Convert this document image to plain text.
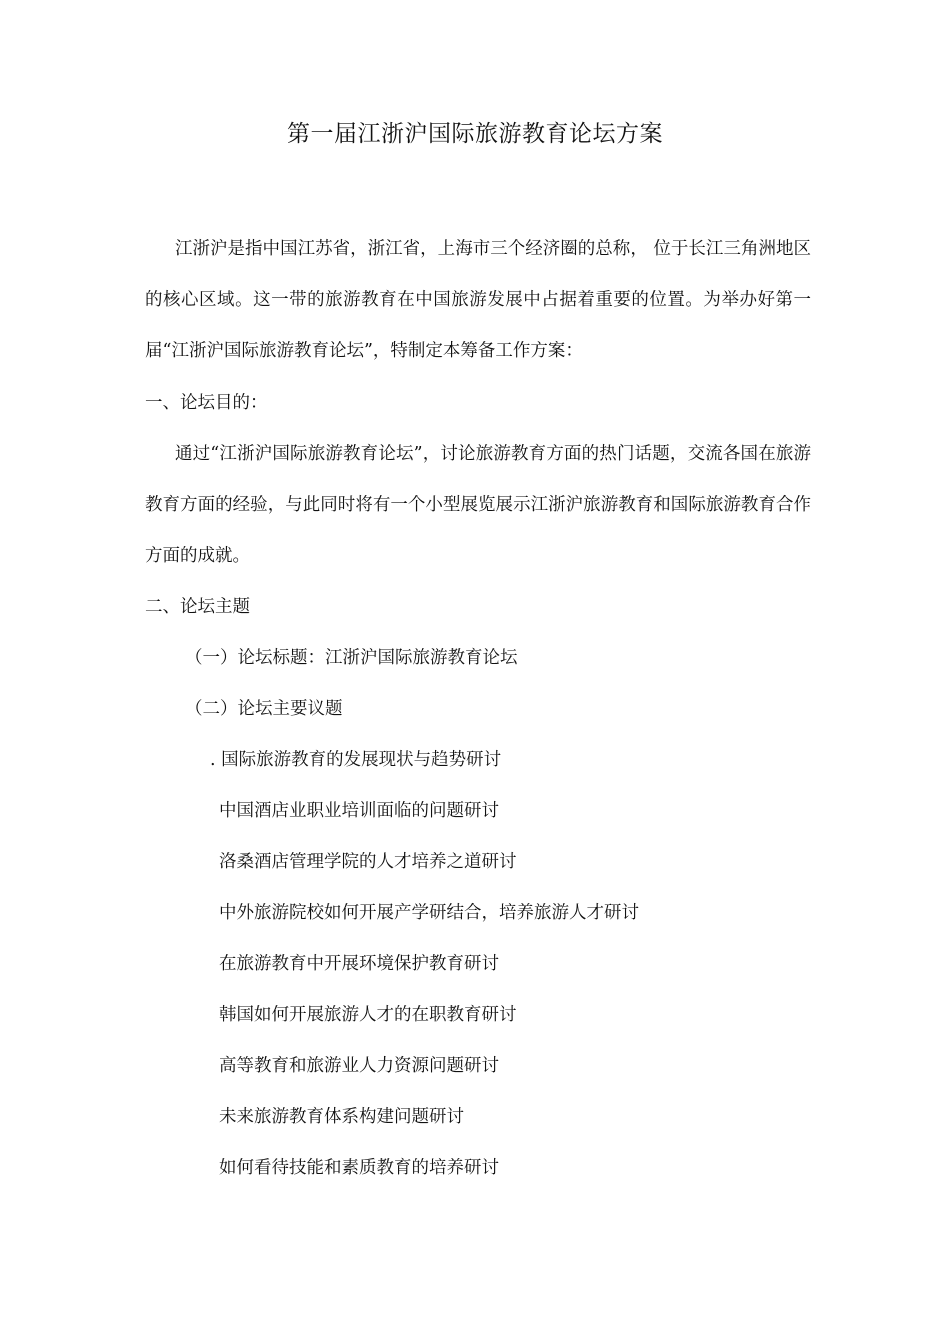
第一届江浙沪国际旅游教育论坛方案
江浙沪是指中国江苏省，浙江省，上海市三个经济圈的总称， 位于长江三角洲地区的核心区域。这一带的旅游教育在中国旅游发展中占据着重要的位置。为举办好第一届“江浙沪国际旅游教育论坛”，特制定本筹备工作方案：
一、论坛目的：
通过“江浙沪国际旅游教育论坛”，讨论旅游教育方面的热门话题，交流各国在旅游教育方面的经验，与此同时将有一个小型展览展示江浙沪旅游教育和国际旅游教育合作方面的成就。
二、论坛主题
（一）论坛标题：江浙沪国际旅游教育论坛
（二）论坛主要议题
. 国际旅游教育的发展现状与趋势研讨
中国酒店业职业培训面临的问题研讨
洛桑酒店管理学院的人才培养之道研讨
中外旅游院校如何开展产学研结合，培养旅游人才研讨
在旅游教育中开展环境保护教育研讨
韩国如何开展旅游人才的在职教育研讨
高等教育和旅游业人力资源问题研讨
未来旅游教育体系构建问题研讨
如何看待技能和素质教育的培养研讨
